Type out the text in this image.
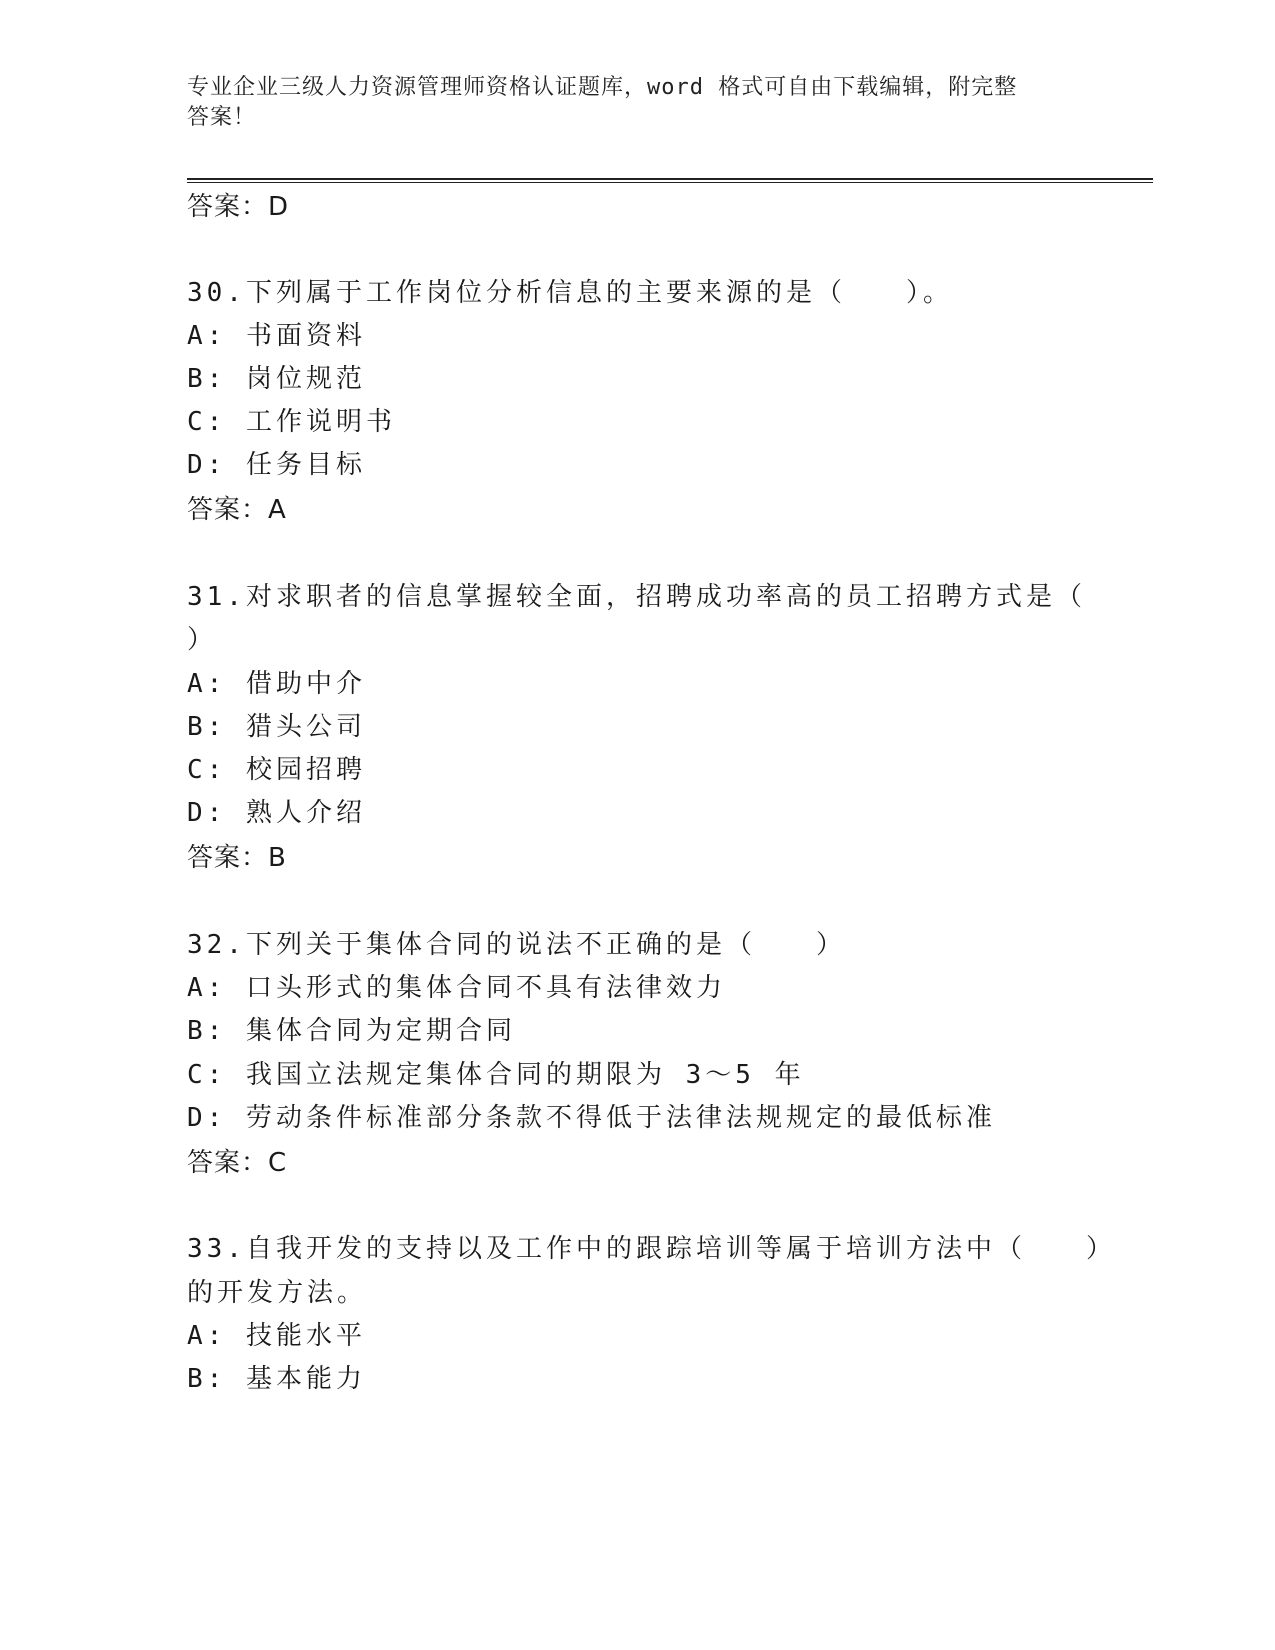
专业企业三级人力资源管理师资格认证题库，word 格式可自由下载编辑，附完整
答案！
答案：D
30.下列属于工作岗位分析信息的主要来源的是（　　）。
A: 书面资料
B: 岗位规范
C: 工作说明书
D: 任务目标
答案：A
31.对求职者的信息掌握较全面，招聘成功率高的员工招聘方式是（
）
A: 借助中介
B: 猎头公司
C: 校园招聘
D: 熟人介绍
答案：B
32.下列关于集体合同的说法不正确的是（　　）
A: 口头形式的集体合同不具有法律效力
B: 集体合同为定期合同
C: 我国立法规定集体合同的期限为 3～5 年
D: 劳动条件标准部分条款不得低于法律法规规定的最低标准
答案：C
33.自我开发的支持以及工作中的跟踪培训等属于培训方法中（　　）
的开发方法。
A: 技能水平
B: 基本能力
